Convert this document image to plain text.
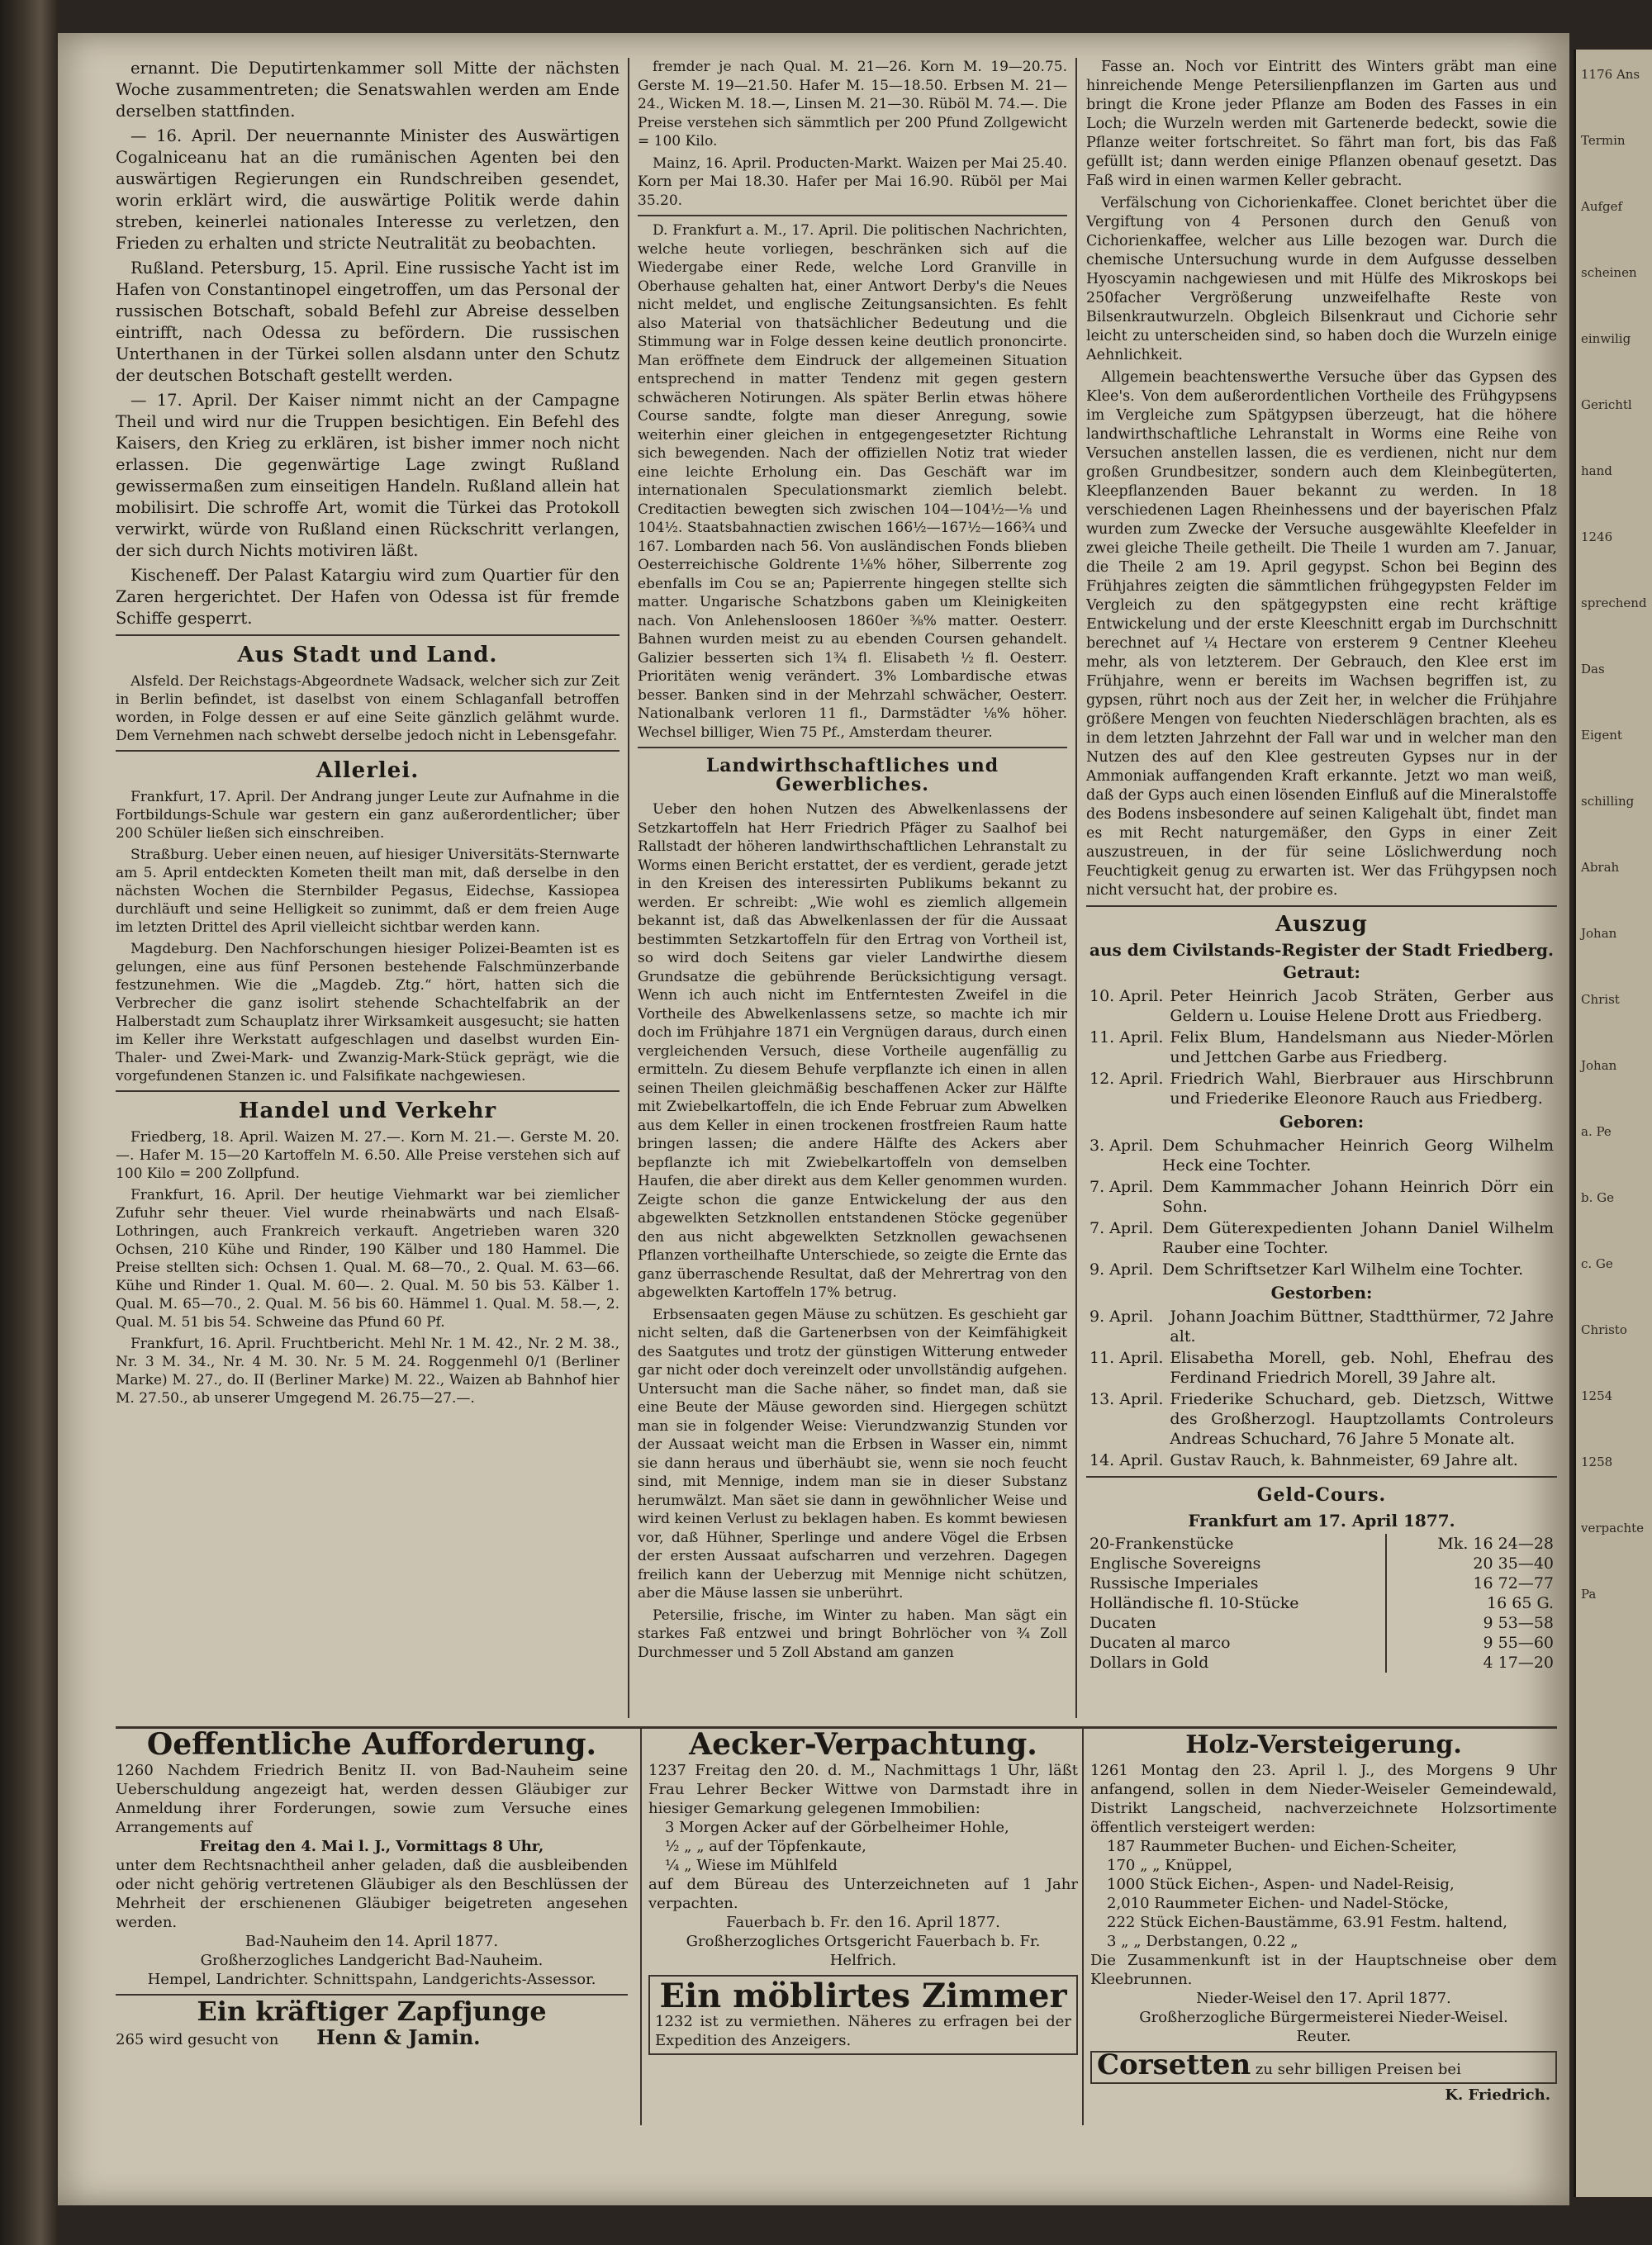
1176 Ans
Termin
Aufgef
scheinen
einwilig
Gerichtl
hand
1246
sprechend
Das
Eigent
schilling
Abrah
Johan
Christ
Johan
a. Pe
b. Ge
c. Ge
Christo
1254
1258
verpachte
Pa

ernannt. Die Deputirtenkammer soll Mitte der nächsten Woche zusammentreten; die Senatswahlen werden am Ende derselben stattfinden.

— 16. April. Der neuernannte Minister des Auswärtigen Cogalniceanu hat an die rumänischen Agenten bei den auswärtigen Regierungen ein Rundschreiben gesendet, worin erklärt wird, die auswärtige Politik werde dahin streben, keinerlei nationales Interesse zu verletzen, den Frieden zu erhalten und stricte Neutralität zu beobachten.

Rußland. Petersburg, 15. April. Eine russische Yacht ist im Hafen von Constantinopel eingetroffen, um das Personal der russischen Botschaft, sobald Befehl zur Abreise desselben eintrifft, nach Odessa zu befördern. Die russischen Unterthanen in der Türkei sollen alsdann unter den Schutz der deutschen Botschaft gestellt werden.

— 17. April. Der Kaiser nimmt nicht an der Campagne Theil und wird nur die Truppen besichtigen. Ein Befehl des Kaisers, den Krieg zu erklären, ist bisher immer noch nicht erlassen. Die gegenwärtige Lage zwingt Rußland gewissermaßen zum einseitigen Handeln. Rußland allein hat mobilisirt. Die schroffe Art, womit die Türkei das Protokoll verwirkt, würde von Rußland einen Rückschritt verlangen, der sich durch Nichts motiviren läßt.

Kischeneff. Der Palast Katargiu wird zum Quartier für den Zaren hergerichtet. Der Hafen von Odessa ist für fremde Schiffe gesperrt.

Aus Stadt und Land.

Alsfeld. Der Reichstags-Abgeordnete Wadsack, welcher sich zur Zeit in Berlin befindet, ist daselbst von einem Schlaganfall betroffen worden, in Folge dessen er auf eine Seite gänzlich gelähmt wurde. Dem Vernehmen nach schwebt derselbe jedoch nicht in Lebensgefahr.

Allerlei.

Frankfurt, 17. April. Der Andrang junger Leute zur Aufnahme in die Fortbildungs-Schule war gestern ein ganz außerordentlicher; über 200 Schüler ließen sich einschreiben.

Straßburg. Ueber einen neuen, auf hiesiger Universitäts-Sternwarte am 5. April entdeckten Kometen theilt man mit, daß derselbe in den nächsten Wochen die Sternbilder Pegasus, Eidechse, Kassiopea durchläuft und seine Helligkeit so zunimmt, daß er dem freien Auge im letzten Drittel des April vielleicht sichtbar werden kann.

Magdeburg. Den Nachforschungen hiesiger Polizei-Beamten ist es gelungen, eine aus fünf Personen bestehende Falschmünzerbande festzunehmen. Wie die „Magdeb. Ztg.“ hört, hatten sich die Verbrecher die ganz isolirt stehende Schachtelfabrik an der Halberstadt zum Schauplatz ihrer Wirksamkeit ausgesucht; sie hatten im Keller ihre Werkstatt aufgeschlagen und daselbst wurden Ein-Thaler- und Zwei-Mark- und Zwanzig-Mark-Stück geprägt, wie die vorgefundenen Stanzen ic. und Falsifikate nachgewiesen.

Handel und Verkehr

Friedberg, 18. April. Waizen M. 27.—. Korn M. 21.—. Gerste M. 20.—. Hafer M. 15—20 Kartoffeln M. 6.50. Alle Preise verstehen sich auf 100 Kilo = 200 Zollpfund.

Frankfurt, 16. April. Der heutige Viehmarkt war bei ziemlicher Zufuhr sehr theuer. Viel wurde rheinabwärts und nach Elsaß-Lothringen, auch Frankreich verkauft. Angetrieben waren 320 Ochsen, 210 Kühe und Rinder, 190 Kälber und 180 Hammel. Die Preise stellten sich: Ochsen 1. Qual. M. 68—70., 2. Qual. M. 63—66. Kühe und Rinder 1. Qual. M. 60—. 2. Qual. M. 50 bis 53. Kälber 1. Qual. M. 65—70., 2. Qual. M. 56 bis 60. Hämmel 1. Qual. M. 58.—, 2. Qual. M. 51 bis 54. Schweine das Pfund 60 Pf.

Frankfurt, 16. April. Fruchtbericht. Mehl Nr. 1 M. 42., Nr. 2 M. 38., Nr. 3 M. 34., Nr. 4 M. 30. Nr. 5 M. 24. Roggenmehl 0/1 (Berliner Marke) M. 27., do. II (Berliner Marke) M. 22., Waizen ab Bahnhof hier M. 27.50., ab unserer Umgegend M. 26.75—27.—.

fremder je nach Qual. M. 21—26. Korn M. 19—20.75. Gerste M. 19—21.50. Hafer M. 15—18.50. Erbsen M. 21—24., Wicken M. 18.—, Linsen M. 21—30. Rüböl M. 74.—. Die Preise verstehen sich sämmtlich per 200 Pfund Zollgewicht = 100 Kilo.

Mainz, 16. April. Producten-Markt. Waizen per Mai 25.40. Korn per Mai 18.30. Hafer per Mai 16.90. Rüböl per Mai 35.20.

D. Frankfurt a. M., 17. April. Die politischen Nachrichten, welche heute vorliegen, beschränken sich auf die Wiedergabe einer Rede, welche Lord Granville in Oberhause gehalten hat, einer Antwort Derby's die Neues nicht meldet, und englische Zeitungsansichten. Es fehlt also Material von thatsächlicher Bedeutung und die Stimmung war in Folge dessen keine deutlich prononcirte. Man eröffnete dem Eindruck der allgemeinen Situation entsprechend in matter Tendenz mit gegen gestern schwächeren Notirungen. Als später Berlin etwas höhere Course sandte, folgte man dieser Anregung, sowie weiterhin einer gleichen in entgegengesetzter Richtung sich bewegenden. Nach der offiziellen Notiz trat wieder eine leichte Erholung ein. Das Geschäft war im internationalen Speculationsmarkt ziemlich belebt. Creditactien bewegten sich zwischen 104—104½—⅛ und 104½. Staatsbahnactien zwischen 166½—167½—166¾ und 167. Lombarden nach 56. Von ausländischen Fonds blieben Oesterreichische Goldrente 1⅛% höher, Silberrente zog ebenfalls im Cou se an; Papierrente hingegen stellte sich matter. Ungarische Schatzbons gaben um Kleinigkeiten nach. Von Anlehensloosen 1860er ⅜% matter. Oesterr. Bahnen wurden meist zu au ebenden Coursen gehandelt. Galizier besserten sich 1¾ fl. Elisabeth ½ fl. Oesterr. Prioritäten wenig verändert. 3% Lombardische etwas besser. Banken sind in der Mehrzahl schwächer, Oesterr. Nationalbank verloren 11 fl., Darmstädter ⅛% höher. Wechsel billiger, Wien 75 Pf., Amsterdam theurer.

Landwirthschaftliches und Gewerbliches.

Ueber den hohen Nutzen des Abwelkenlassens der Setzkartoffeln hat Herr Friedrich Pfäger zu Saalhof bei Rallstadt der höheren landwirthschaftlichen Lehranstalt zu Worms einen Bericht erstattet, der es verdient, gerade jetzt in den Kreisen des interessirten Publikums bekannt zu werden. Er schreibt: „Wie wohl es ziemlich allgemein bekannt ist, daß das Abwelkenlassen der für die Aussaat bestimmten Setzkartoffeln für den Ertrag von Vortheil ist, so wird doch Seitens gar vieler Landwirthe diesem Grundsatze die gebührende Berücksichtigung versagt. Wenn ich auch nicht im Entferntesten Zweifel in die Vortheile des Abwelkenlassens setze, so machte ich mir doch im Frühjahre 1871 ein Vergnügen daraus, durch einen vergleichenden Versuch, diese Vortheile augenfällig zu ermitteln. Zu diesem Behufe verpflanzte ich einen in allen seinen Theilen gleichmäßig beschaffenen Acker zur Hälfte mit Zwiebelkartoffeln, die ich Ende Februar zum Abwelken aus dem Keller in einen trockenen frostfreien Raum hatte bringen lassen; die andere Hälfte des Ackers aber bepflanzte ich mit Zwiebelkartoffeln von demselben Haufen, die aber direkt aus dem Keller genommen wurden. Zeigte schon die ganze Entwickelung der aus den abgewelkten Setzknollen entstandenen Stöcke gegenüber den aus nicht abgewelkten Setzknollen gewachsenen Pflanzen vortheilhafte Unterschiede, so zeigte die Ernte das ganz überraschende Resultat, daß der Mehrertrag von den abgewelkten Kartoffeln 17% betrug.

Erbsensaaten gegen Mäuse zu schützen. Es geschieht gar nicht selten, daß die Gartenerbsen von der Keimfähigkeit des Saatgutes und trotz der günstigen Witterung entweder gar nicht oder doch vereinzelt oder unvollständig aufgehen. Untersucht man die Sache näher, so findet man, daß sie eine Beute der Mäuse geworden sind. Hiergegen schützt man sie in folgender Weise: Vierundzwanzig Stunden vor der Aussaat weicht man die Erbsen in Wasser ein, nimmt sie dann heraus und überhäubt sie, wenn sie noch feucht sind, mit Mennige, indem man sie in dieser Substanz herumwälzt. Man säet sie dann in gewöhnlicher Weise und wird keinen Verlust zu beklagen haben. Es kommt bewiesen vor, daß Hühner, Sperlinge und andere Vögel die Erbsen der ersten Aussaat aufscharren und verzehren. Dagegen freilich kann der Ueberzug mit Mennige nicht schützen, aber die Mäuse lassen sie unberührt.

Petersilie, frische, im Winter zu haben. Man sägt ein starkes Faß entzwei und bringt Bohrlöcher von ¾ Zoll Durchmesser und 5 Zoll Abstand am ganzen

Fasse an. Noch vor Eintritt des Winters gräbt man eine hinreichende Menge Petersilienpflanzen im Garten aus und bringt die Krone jeder Pflanze am Boden des Fasses in ein Loch; die Wurzeln werden mit Gartenerde bedeckt, sowie die Pflanze weiter fortschreitet. So fährt man fort, bis das Faß gefüllt ist; dann werden einige Pflanzen obenauf gesetzt. Das Faß wird in einen warmen Keller gebracht.

Verfälschung von Cichorienkaffee. Clonet berichtet über die Vergiftung von 4 Personen durch den Genuß von Cichorienkaffee, welcher aus Lille bezogen war. Durch die chemische Untersuchung wurde in dem Aufgusse desselben Hyoscyamin nachgewiesen und mit Hülfe des Mikroskops bei 250facher Vergrößerung unzweifelhafte Reste von Bilsenkrautwurzeln. Obgleich Bilsenkraut und Cichorie sehr leicht zu unterscheiden sind, so haben doch die Wurzeln einige Aehnlichkeit.

Allgemein beachtenswerthe Versuche über das Gypsen des Klee's. Von dem außerordentlichen Vortheile des Frühgypsens im Vergleiche zum Spätgypsen überzeugt, hat die höhere landwirthschaftliche Lehranstalt in Worms eine Reihe von Versuchen anstellen lassen, die es verdienen, nicht nur dem großen Grundbesitzer, sondern auch dem Kleinbegüterten, Kleepflanzenden Bauer bekannt zu werden. In 18 verschiedenen Lagen Rheinhessens und der bayerischen Pfalz wurden zum Zwecke der Versuche ausgewählte Kleefelder in zwei gleiche Theile getheilt. Die Theile 1 wurden am 7. Januar, die Theile 2 am 19. April gegypst. Schon bei Beginn des Frühjahres zeigten die sämmtlichen frühgegypsten Felder im Vergleich zu den spätgegypsten eine recht kräftige Entwickelung und der erste Kleeschnitt ergab im Durchschnitt berechnet auf ¼ Hectare von ersterem 9 Centner Kleeheu mehr, als von letzterem. Der Gebrauch, den Klee erst im Frühjahre, wenn er bereits im Wachsen begriffen ist, zu gypsen, rührt noch aus der Zeit her, in welcher die Frühjahre größere Mengen von feuchten Niederschlägen brachten, als es in dem letzten Jahrzehnt der Fall war und in welcher man den Nutzen des auf den Klee gestreuten Gypses nur in der Ammoniak auffangenden Kraft erkannte. Jetzt wo man weiß, daß der Gyps auch einen lösenden Einfluß auf die Mineralstoffe des Bodens insbesondere auf seinen Kaligehalt übt, findet man es mit Recht naturgemäßer, den Gyps in einer Zeit auszustreuen, in der für seine Löslichwerdung noch Feuchtigkeit genug zu erwarten ist. Wer das Frühgypsen noch nicht versucht hat, der probire es.

Auszug
aus dem Civilstands-Register der Stadt Friedberg.
Getraut:
10. April.	Peter Heinrich Jacob Sträten, Gerber aus Geldern u. Louise Helene Drott aus Friedberg.
11. April.	Felix Blum, Handelsmann aus Nieder-Mörlen und Jettchen Garbe aus Friedberg.
12. April.	Friedrich Wahl, Bierbrauer aus Hirschbrunn und Friederike Eleonore Rauch aus Friedberg.
Geboren:
3. April.	Dem Schuhmacher Heinrich Georg Wilhelm Heck eine Tochter.
7. April.	Dem Kammmacher Johann Heinrich Dörr ein Sohn.
7. April.	Dem Güterexpedienten Johann Daniel Wilhelm Rauber eine Tochter.
9. April.	Dem Schriftsetzer Karl Wilhelm eine Tochter.
Gestorben:
9. April.	Johann Joachim Büttner, Stadtthürmer, 72 Jahre alt.
11. April.	Elisabetha Morell, geb. Nohl, Ehefrau des Ferdinand Friedrich Morell, 39 Jahre alt.
13. April.	Friederike Schuchard, geb. Dietzsch, Wittwe des Großherzogl. Hauptzollamts Controleurs Andreas Schuchard, 76 Jahre 5 Monate alt.
14. April.	Gustav Rauch, k. Bahnmeister, 69 Jahre alt.
Geld-Cours.
Frankfurt am 17. April 1877.
20-Frankenstücke	Mk. 16 24—28
Englische Sovereigns	20 35—40
Russische Imperiales	16 72—77
Holländische fl. 10-Stücke	16 65 G.
Ducaten	9 53—58
Ducaten al marco	9 55—60
Dollars in Gold	4 17—20
Oeffentliche Aufforderung.

1260 Nachdem Friedrich Benitz II. von Bad-Nauheim seine Ueberschuldung angezeigt hat, werden dessen Gläubiger zur Anmeldung ihrer Forderungen, sowie zum Versuche eines Arrangements auf

Freitag den 4. Mai l. J., Vormittags 8 Uhr,

unter dem Rechtsnachtheil anher geladen, daß die ausbleibenden oder nicht gehörig vertretenen Gläubiger als den Beschlüssen der Mehrheit der erschienenen Gläubiger beigetreten angesehen werden.

Bad-Nauheim den 14. April 1877.

Großherzogliches Landgericht Bad-Nauheim.

Hempel, Landrichter. Schnittspahn, Landgerichts-Assessor.

Ein kräftiger Zapfjunge

265 wird gesucht von Henn & Jamin.

Aecker-Verpachtung.

1237 Freitag den 20. d. M., Nachmittags 1 Uhr, läßt Frau Lehrer Becker Wittwe von Darmstadt ihre in hiesiger Gemarkung gelegenen Immobilien:

3 Morgen Acker auf der Görbelheimer Hohle,

½ „ „ auf der Töpfenkaute,

¼ „ Wiese im Mühlfeld

auf dem Büreau des Unterzeichneten auf 1 Jahr verpachten.

Fauerbach b. Fr. den 16. April 1877.

Großherzogliches Ortsgericht Fauerbach b. Fr.

Helfrich.

Ein möblirtes Zimmer

1232 ist zu vermiethen. Näheres zu erfragen bei der Expedition des Anzeigers.

Holz-Versteigerung.

1261 Montag den 23. April l. J., des Morgens 9 Uhr anfangend, sollen in dem Nieder-Weiseler Gemeindewald, Distrikt Langscheid, nachverzeichnete Holzsortimente öffentlich versteigert werden:

187 Raummeter Buchen- und Eichen-Scheiter,

170 „ „ Knüppel,

1000 Stück Eichen-, Aspen- und Nadel-Reisig,

2,010 Raummeter Eichen- und Nadel-Stöcke,

222 Stück Eichen-Baustämme, 63.91 Festm. haltend,

3 „ „ Derbstangen, 0.22 „

Die Zusammenkunft ist in der Hauptschneise ober dem Kleebrunnen.

Nieder-Weisel den 17. April 1877.

Großherzogliche Bürgermeisterei Nieder-Weisel.

Reuter.

Corsetten zu sehr billigen Preisen bei
K. Friedrich.
